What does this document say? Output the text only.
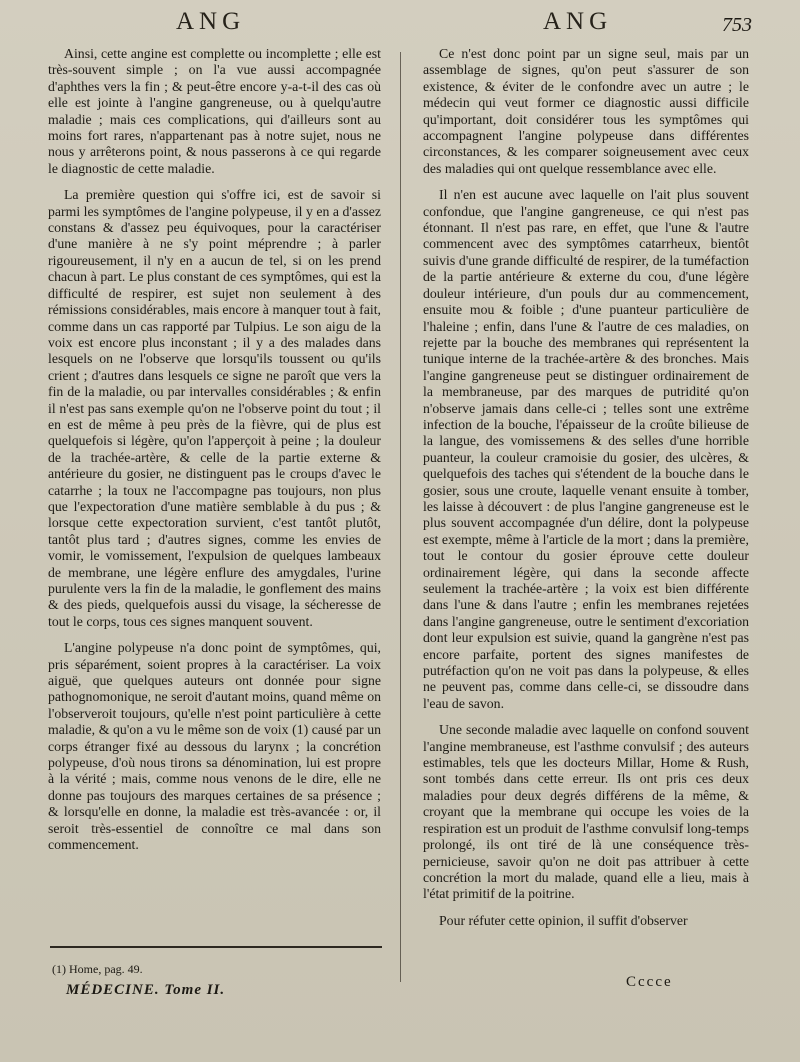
ANG	ANG	753

Ainsi, cette angine est complette ou incomplette ; elle est très-souvent simple ; on l'a vue aussi accompagnée d'aphthes vers la fin ; & peut-être encore y-a-t-il des cas où elle est jointe à l'angine gangreneuse, ou à quelqu'autre maladie ; mais ces complications, qui d'ailleurs sont au moins fort rares, n'appartenant pas à notre sujet, nous ne nous y arrêterons point, & nous passerons à ce qui regarde le diagnostic de cette maladie.

La première question qui s'offre ici, est de savoir si parmi les symptômes de l'angine polypeuse, il y en a d'assez constans & d'assez peu équivoques, pour la caractériser d'une manière à ne s'y point méprendre ; à parler rigoureusement, il n'y en a aucun de tel, si on les prend chacun à part. Le plus constant de ces symptômes, qui est la difficulté de respirer, est sujet non seulement à des rémissions considérables, mais encore à manquer tout à fait, comme dans un cas rapporté par Tulpius. Le son aigu de la voix est encore plus inconstant ; il y a des malades dans lesquels on ne l'observe que lorsqu'ils toussent ou qu'ils crient ; d'autres dans lesquels ce signe ne paroît que vers la fin de la maladie, ou par intervalles considérables ; & enfin il n'est pas sans exemple qu'on ne l'observe point du tout ; il en est de même à peu près de la fièvre, qui de plus est quelquefois si légère, qu'on l'apperçoit à peine ; la douleur de la trachée-artère, & celle de la partie externe & antérieure du gosier, ne distinguent pas le croups d'avec le catarrhe ; la toux ne l'accompagne pas toujours, non plus que l'expectoration d'une matière semblable à du pus ; & lorsque cette expectoration survient, c'est tantôt plutôt, tantôt plus tard ; d'autres signes, comme les envies de vomir, le vomissement, l'expulsion de quelques lambeaux de membrane, une légère enflure des amygdales, l'urine purulente vers la fin de la maladie, le gonflement des mains & des pieds, quelquefois aussi du visage, la sécheresse de tout le corps, tous ces signes manquent souvent.

L'angine polypeuse n'a donc point de symptômes, qui, pris séparément, soient propres à la caractériser. La voix aiguë, que quelques auteurs ont donnée pour signe pathognomonique, ne seroit d'autant moins, quand même on l'observeroit toujours, qu'elle n'est point particulière à cette maladie, & qu'on a vu le même son de voix (1) causé par un corps étranger fixé au dessous du larynx ; la concrétion polypeuse, d'où nous tirons sa dénomination, lui est propre à la vérité ; mais, comme nous venons de le dire, elle ne donne pas toujours des marques certaines de sa présence ; & lorsqu'elle en donne, la maladie est très-avancée : or, il seroit très-essentiel de connoître ce mal dans son commencement.

Ce n'est donc point par un signe seul, mais par un assemblage de signes, qu'on peut s'assurer de son existence, & éviter de le confondre avec un autre ; le médecin qui veut former ce diagnostic aussi difficile qu'important, doit considérer tous les symptômes qui accompagnent l'angine polypeuse dans différentes circonstances, & les comparer soigneusement avec ceux des maladies qui ont quelque ressemblance avec elle.

Il n'en est aucune avec laquelle on l'ait plus souvent confondue, que l'angine gangreneuse, ce qui n'est pas étonnant. Il n'est pas rare, en effet, que l'une & l'autre commencent avec des symptômes catarrheux, bientôt suivis d'une grande difficulté de respirer, de la tuméfaction de la partie antérieure & externe du cou, d'une légère douleur intérieure, d'un pouls dur au commencement, ensuite mou & foible ; d'une puanteur particulière de l'haleine ; enfin, dans l'une & l'autre de ces maladies, on rejette par la bouche des membranes qui représentent la tunique interne de la trachée-artère & des bronches. Mais l'angine gangreneuse peut se distinguer ordinairement de la membraneuse, par des marques de putridité qu'on n'observe jamais dans celle-ci ; telles sont une extrême infection de la bouche, l'épaisseur de la croûte bilieuse de la langue, des vomissemens & des selles d'une horrible puanteur, la couleur cramoisie du gosier, des ulcères, & quelquefois des taches qui s'étendent de la bouche dans le gosier, sous une croute, laquelle venant ensuite à tomber, les laisse à découvert : de plus l'angine gangreneuse est le plus souvent accompagnée d'un délire, dont la polypeuse est exempte, même à l'article de la mort ; dans la première, tout le contour du gosier éprouve cette douleur ordinairement légère, qui dans la seconde affecte seulement la trachée-artère ; la voix est bien différente dans l'une & dans l'autre ; enfin les membranes rejetées dans l'angine gangreneuse, outre le sentiment d'excoriation dont leur expulsion est suivie, quand la gangrène n'est pas encore parfaite, portent des signes manifestes de putréfaction qu'on ne voit pas dans la polypeuse, & elles ne peuvent pas, comme dans celle-ci, se dissoudre dans l'eau de savon.

Une seconde maladie avec laquelle on confond souvent l'angine membraneuse, est l'asthme convulsif ; des auteurs estimables, tels que les docteurs Millar, Home & Rush, sont tombés dans cette erreur. Ils ont pris ces deux maladies pour deux degrés différens de la même, & croyant que la membrane qui occupe les voies de la respiration est un produit de l'asthme convulsif long-temps prolongé, ils ont tiré de là une conséquence très-pernicieuse, savoir qu'on ne doit pas attribuer à cette concrétion la mort du malade, quand elle a lieu, mais à l'état primitif de la poitrine.

Pour réfuter cette opinion, il suffit d'observer

(1) Home, pag. 49.
MÉDECINE. Tome II.	Cccce
